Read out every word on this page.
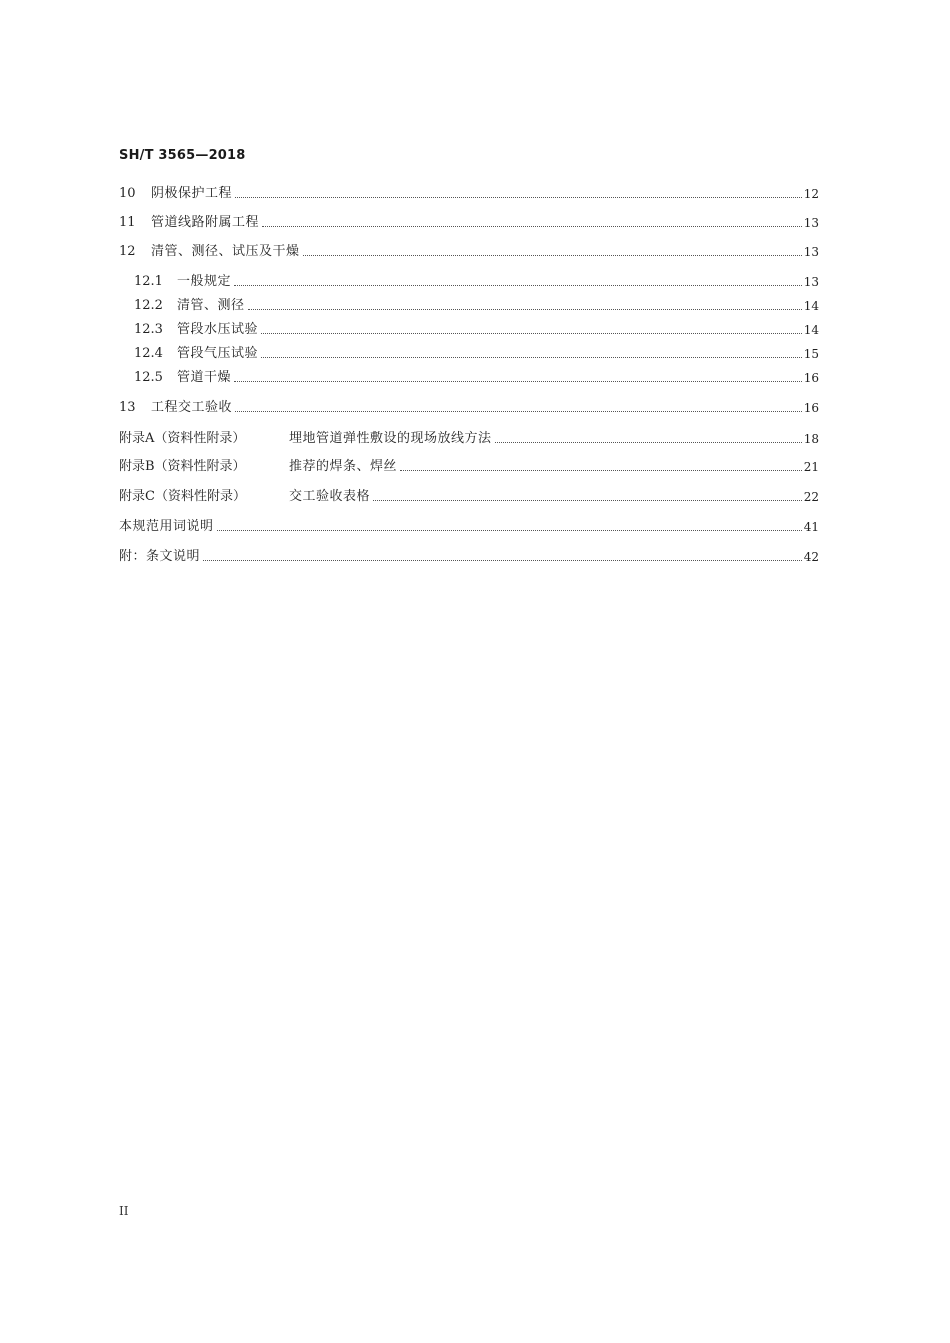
SH/T 3565—2018
10	阴极保护工程	12
11	管道线路附属工程	13
12	清管、测径、试压及干燥	13
12.1	一般规定	13
12.2	清管、测径	14
12.3	管段水压试验	14
12.4	管段气压试验	15
12.5	管道干燥	16
13	工程交工验收	16
附录A（资料性附录）	埋地管道弹性敷设的现场放线方法	18
附录B（资料性附录）	推荐的焊条、焊丝	21
附录C（资料性附录）	交工验收表格	22
本规范用词说明	41
附：条文说明	42
II
